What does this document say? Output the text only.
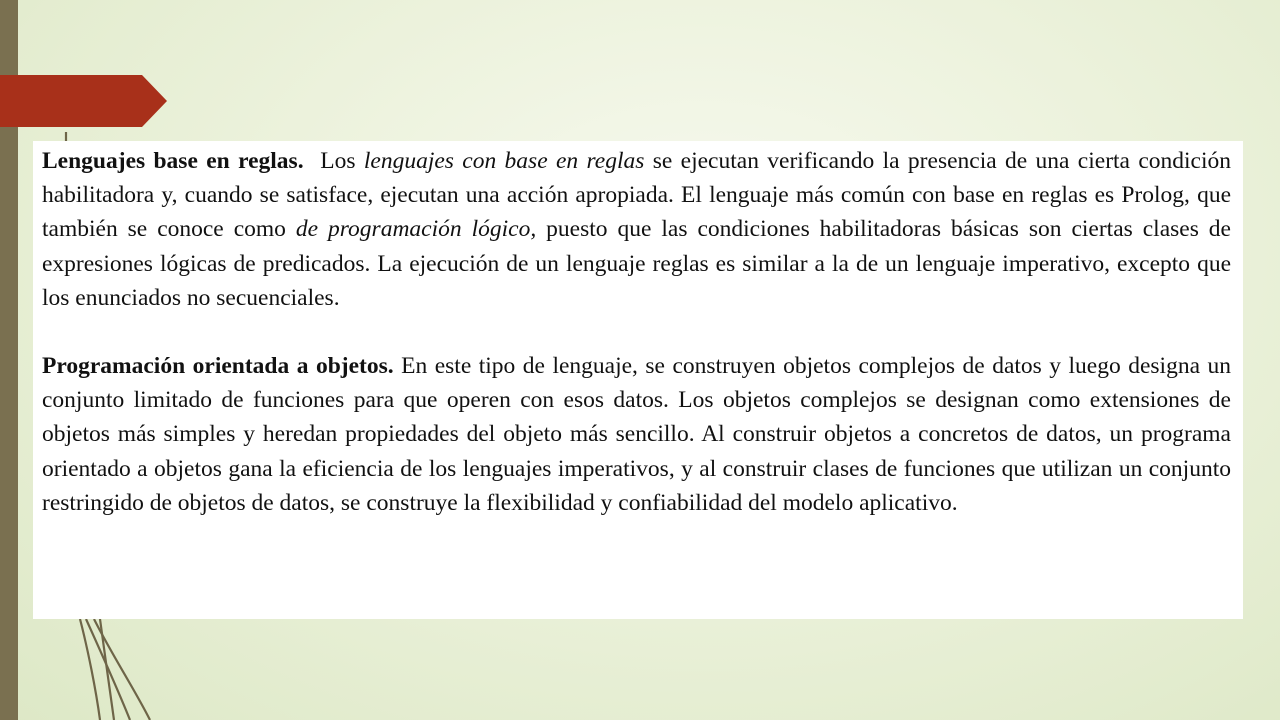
Lenguajes base en reglas.  Los lenguajes con base en reglas se ejecutan verificando la presencia de una cierta condición habilitadora y, cuando se satisface, ejecutan una acción apropiada. El lenguaje más común con base en reglas es Prolog, que también se conoce como de programación lógico, puesto que las condiciones habilitadoras básicas son ciertas clases de expresiones lógicas de predicados. La ejecución de un lenguaje reglas es similar a la de un lenguaje imperativo, excepto que los enunciados no secuenciales.

Programación orientada a objetos. En este tipo de lenguaje, se construyen objetos complejos de datos y luego designa un conjunto limitado de funciones para que operen con esos datos. Los objetos complejos se designan como extensiones de objetos más simples y heredan propiedades del objeto más sencillo. Al construir objetos a concretos de datos, un programa orientado a objetos gana la eficiencia de los lenguajes imperativos, y al construir clases de funciones que utilizan un conjunto restringido de objetos de datos, se construye la flexibilidad y confiabilidad del modelo aplicativo.
